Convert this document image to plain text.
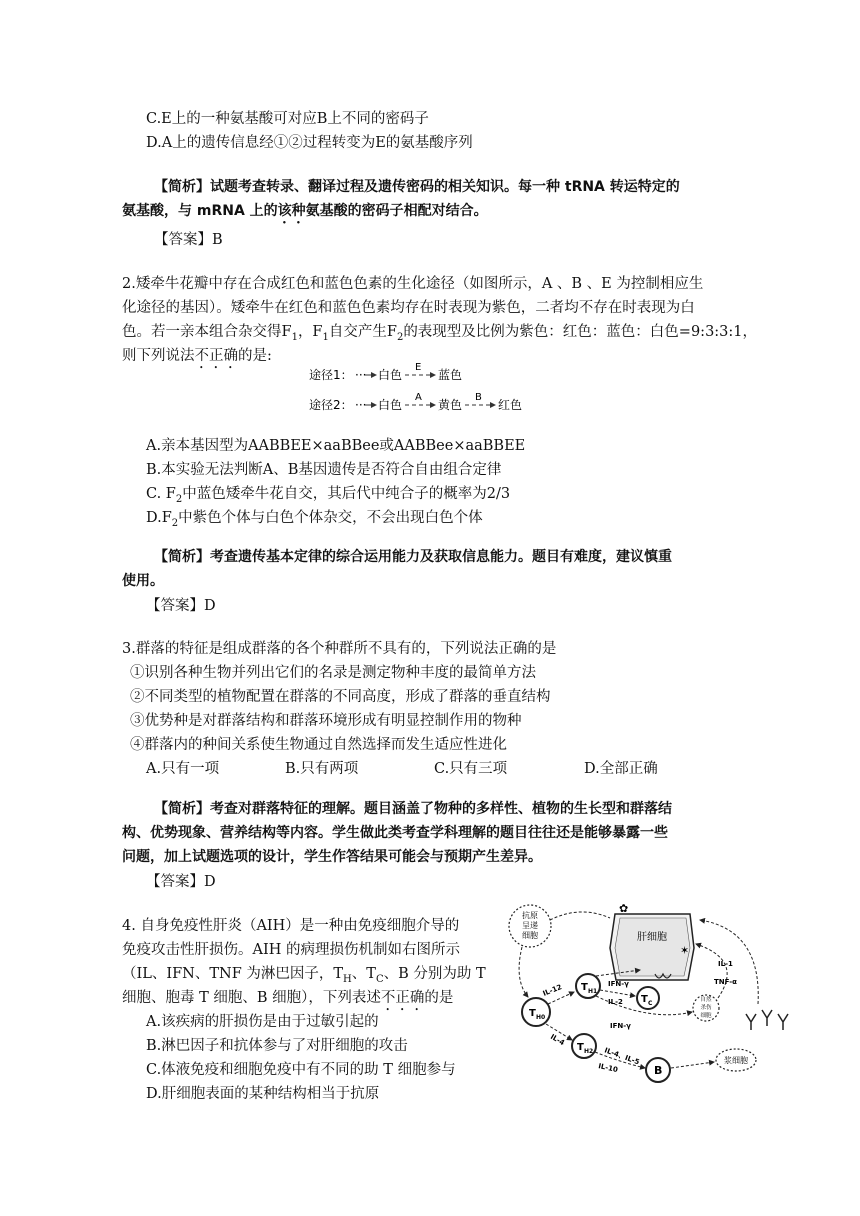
C.E上的一种氨基酸可对应B上不同的密码子
D.A上的遗传信息经①②过程转变为E的氨基酸序列
【简析】试题考查转录、翻译过程及遗传密码的相关知识。每一种 tRNA 转运特定的
氨基酸，与 mRNA 上的该种氨基酸的密码子相配对结合。
【答案】B
2.矮牵牛花瓣中存在合成红色和蓝色色素的生化途径（如图所示，A 、B 、E 为控制相应生
化途径的基因）。矮牵牛在红色和蓝色色素均存在时表现为紫色，二者均不存在时表现为白
色。若一亲本组合杂交得$F_1$，$F_1$自交产生$F_2$的表现型及比例为紫色：红色：蓝色：白色=9:3:3:1，
则下列说法不正确的是:
途径1： ··· 白色
E
蓝色
途径2： ··· 白色
A
黄色
B
红色
A.亲本基因型为AABBEE×aaBBee或AABBee×aaBBEE
B.本实验无法判断A、B基因遗传是否符合自由组合定律
C. $F_2$中蓝色矮牵牛花自交，其后代中纯合子的概率为2/3
$D.F_2$中紫色个体与白色个体杂交，不会出现白色个体
【简析】考查遗传基本定律的综合运用能力及获取信息能力。题目有难度，建议慎重
使用。
【答案】D
3.群落的特征是组成群落的各个种群所不具有的，下列说法正确的是
①识别各种生物并列出它们的名录是测定物种丰度的最简单方法
②不同类型的植物配置在群落的不同高度，形成了群落的垂直结构
③优势种是对群落结构和群落环境形成有明显控制作用的物种
④群落内的种间关系使生物通过自然选择而发生适应性进化
A.只有一项	B.只有两项	C.只有三项	D.全部正确
【简析】考查对群落特征的理解。题目涵盖了物种的多样性、植物的生长型和群落结
构、优势现象、营养结构等内容。学生做此类考查学科理解的题目往往还是能够暴露一些
问题，加上试题选项的设计，学生作答结果可能会与预期产生差异。
【答案】D
4. 自身免疫性肝炎（AIH）是一种由免疫细胞介导的
免疫攻击性肝损伤。AIH 的病理损伤机制如右图所示
（IL、IFN、TNF 为淋巴因子，$T_H$、$T_C$、B 分别为助 T
细胞、胞毒 T 细胞、B 细胞），下列表述不正确的是
A.该疾病的肝损伤是由于过敏引起的
B.淋巴因子和抗体参与了对肝细胞的攻击
C.体液免疫和细胞免疫中有不同的助 T 细胞参与
D.肝细胞表面的某种结构相当于抗原
抗原
呈递
细胞	肝细胞
✿
✶
T H0
T H1
T C	自然
杀伤
细胞
T H2
B
浆细胞
IL-12
IL-4
IFN-γ
IL-2
IFN-γ
IL-1
TNF-α
IL-4、IL-5
IL-10
